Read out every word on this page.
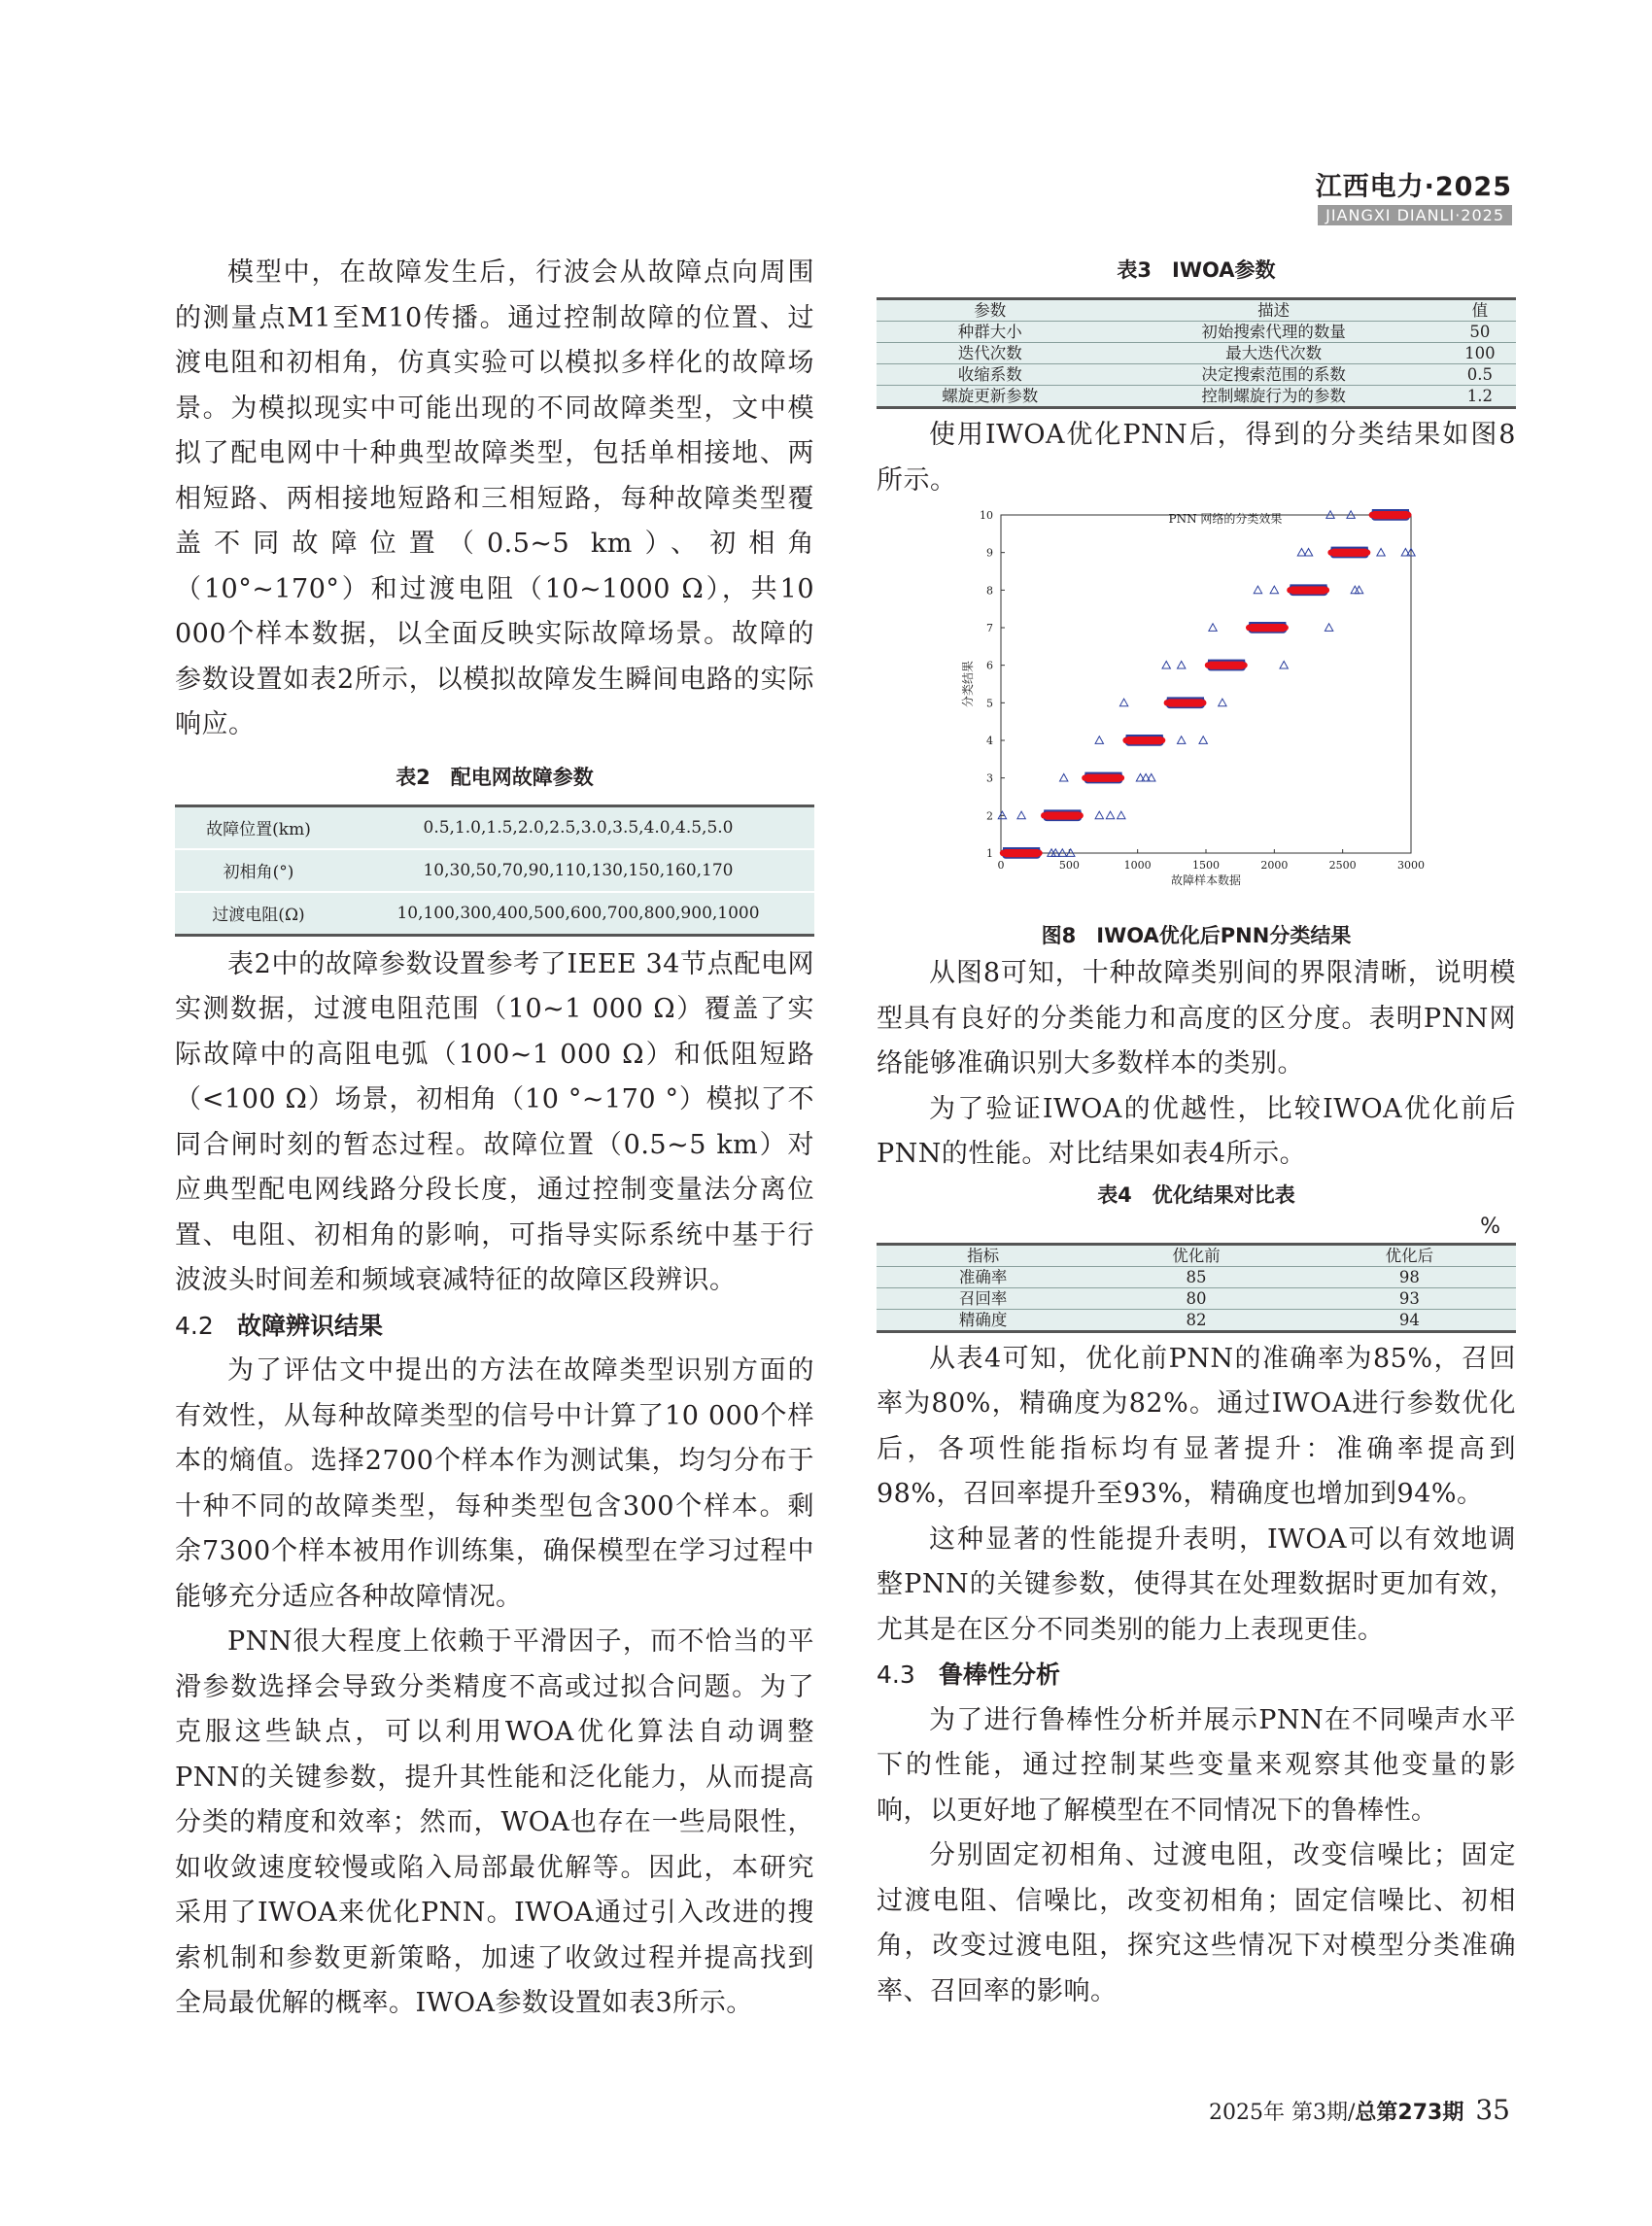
江西电力·2025
JIANGXI DIANLI·2025

模型中，在故障发生后，行波会从故障点向周围的测量点M1至M10传播。通过控制故障的位置、过渡电阻和初相角，仿真实验可以模拟多样化的故障场景。为模拟现实中可能出现的不同故障类型，文中模拟了配电网中十种典型故障类型，包括单相接地、两相短路、两相接地短路和三相短路，每种故障类型覆盖不同故障位置（0.5~5 km）、初相角（10°~170°）和过渡电阻（10~1000 Ω），共10 000个样本数据，以全面反映实际故障场景。故障的参数设置如表2所示，以模拟故障发生瞬间电路的实际响应。

表2　配电网故障参数

故障位置(km)	0.5,1.0,1.5,2.0,2.5,3.0,3.5,4.0,4.5,5.0
初相角(°)	10,30,50,70,90,110,130,150,160,170
过渡电阻(Ω)	10,100,300,400,500,600,700,800,900,1000

表2中的故障参数设置参考了IEEE 34节点配电网实测数据，过渡电阻范围（10~1 000 Ω）覆盖了实际故障中的高阻电弧（100~1 000 Ω）和低阻短路（<100 Ω）场景，初相角（10 °~170 °）模拟了不同合闸时刻的暂态过程。故障位置（0.5~5 km）对应典型配电网线路分段长度，通过控制变量法分离位置、电阻、初相角的影响，可指导实际系统中基于行波波头时间差和频域衰减特征的故障区段辨识。

4.2 故障辨识结果

为了评估文中提出的方法在故障类型识别方面的有效性，从每种故障类型的信号中计算了10 000个样本的熵值。选择2700个样本作为测试集，均匀分布于十种不同的故障类型，每种类型包含300个样本。剩余7300个样本被用作训练集，确保模型在学习过程中能够充分适应各种故障情况。

PNN很大程度上依赖于平滑因子，而不恰当的平滑参数选择会导致分类精度不高或过拟合问题。为了克服这些缺点，可以利用WOA优化算法自动调整PNN的关键参数，提升其性能和泛化能力，从而提高分类的精度和效率；然而，WOA也存在一些局限性，如收敛速度较慢或陷入局部最优解等。因此，本研究采用了IWOA来优化PNN。IWOA通过引入改进的搜索机制和参数更新策略，加速了收敛过程并提高找到全局最优解的概率。IWOA参数设置如表3所示。

表3　IWOA参数

参数	描述	值
种群大小	初始搜索代理的数量	50
迭代次数	最大迭代次数	100
收缩系数	决定搜索范围的系数	0.5
螺旋更新参数	控制螺旋行为的参数	1.2

使用IWOA优化PNN后，得到的分类结果如图8所示。

PNN 网络的分类效果
0	500	1000	1500	2000	2500	3000
1
2
3
4
5
6
7
8
9
10
故障样本数据
分类结果

图8　IWOA优化后PNN分类结果

从图8可知，十种故障类别间的界限清晰，说明模型具有良好的分类能力和高度的区分度。表明PNN网络能够准确识别大多数样本的类别。

为了验证IWOA的优越性，比较IWOA优化前后PNN的性能。对比结果如表4所示。

表4　优化结果对比表

%
指标	优化前	优化后
准确率	85	98
召回率	80	93
精确度	82	94

从表4可知，优化前PNN的准确率为85%，召回率为80%，精确度为82%。通过IWOA进行参数优化后，各项性能指标均有显著提升：准确率提高到98%，召回率提升至93%，精确度也增加到94%。

这种显著的性能提升表明，IWOA可以有效地调整PNN的关键参数，使得其在处理数据时更加有效，尤其是在区分不同类别的能力上表现更佳。

4.3 鲁棒性分析

为了进行鲁棒性分析并展示PNN在不同噪声水平下的性能，通过控制某些变量来观察其他变量的影响，以更好地了解模型在不同情况下的鲁棒性。

分别固定初相角、过渡电阻，改变信噪比；固定过渡电阻、信噪比，改变初相角；固定信噪比、初相角，改变过渡电阻，探究这些情况下对模型分类准确率、召回率的影响。

2025年 第3期/总第273期 35
